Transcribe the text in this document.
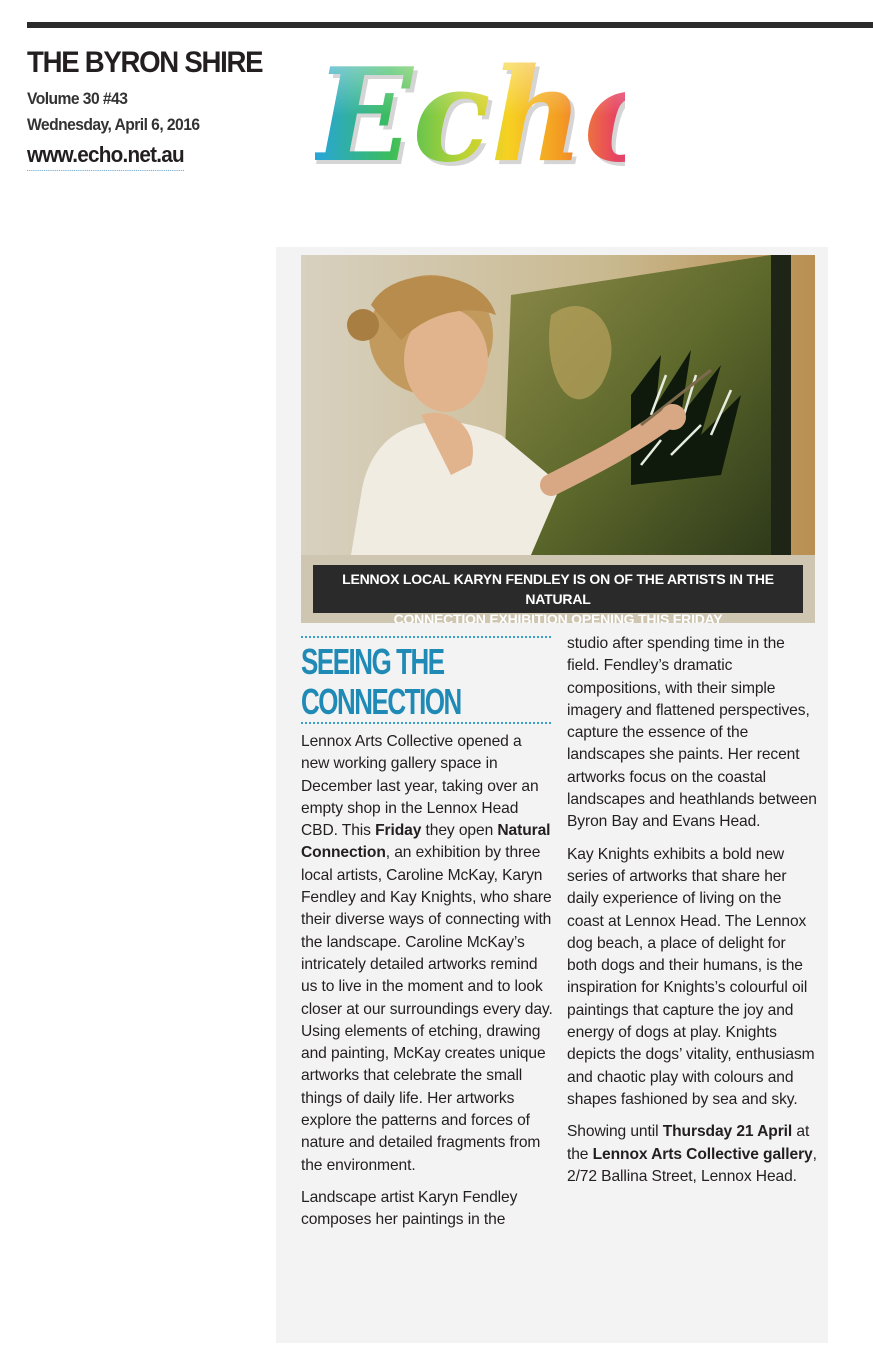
THE BYRON SHIRE
Volume 30 #43
Wednesday, April 6, 2016
www.echo.net.au	Ech
Ech
Ech
LENNOX LOCAL KARYN FENDLEY IS ON OF THE ARTISTS IN THE NATURAL
CONNECTION EXHIBITION OPENING THIS FRIDAY
SEEING THE
CONNECTION

Lennox Arts Collective opened a new working gallery space in December last year, taking over an empty shop in the Lennox Head CBD. This Friday they open Natural Connection, an exhibition by three local artists, Caroline McKay, Karyn Fendley and Kay Knights, who share their diverse ways of connecting with the landscape. Caroline McKay’s intricately detailed artworks remind us to live in the moment and to look closer at our surroundings every day. Using elements of etching, drawing and painting, McKay creates unique artworks that celebrate the small things of daily life. Her artworks explore the patterns and forces of nature and detailed fragments from the environment.

Landscape artist Karyn Fendley composes her paintings in the

studio after spending time in the field. Fendley’s dramatic compositions, with their simple imagery and flattened perspectives, capture the essence of the landscapes she paints. Her recent artworks focus on the coastal landscapes and heathlands between Byron Bay and Evans Head.

Kay Knights exhibits a bold new series of artworks that share her daily experience of living on the coast at Lennox Head. The Lennox dog beach, a place of delight for both dogs and their humans, is the inspiration for Knights’s colourful oil paintings that capture the joy and energy of dogs at play. Knights depicts the dogs’ vitality, enthusiasm and chaotic play with colours and shapes fashioned by sea and sky.

Showing until Thursday 21 April at the Lennox Arts Collective gallery, 2/72 Ballina Street, Lennox Head.
